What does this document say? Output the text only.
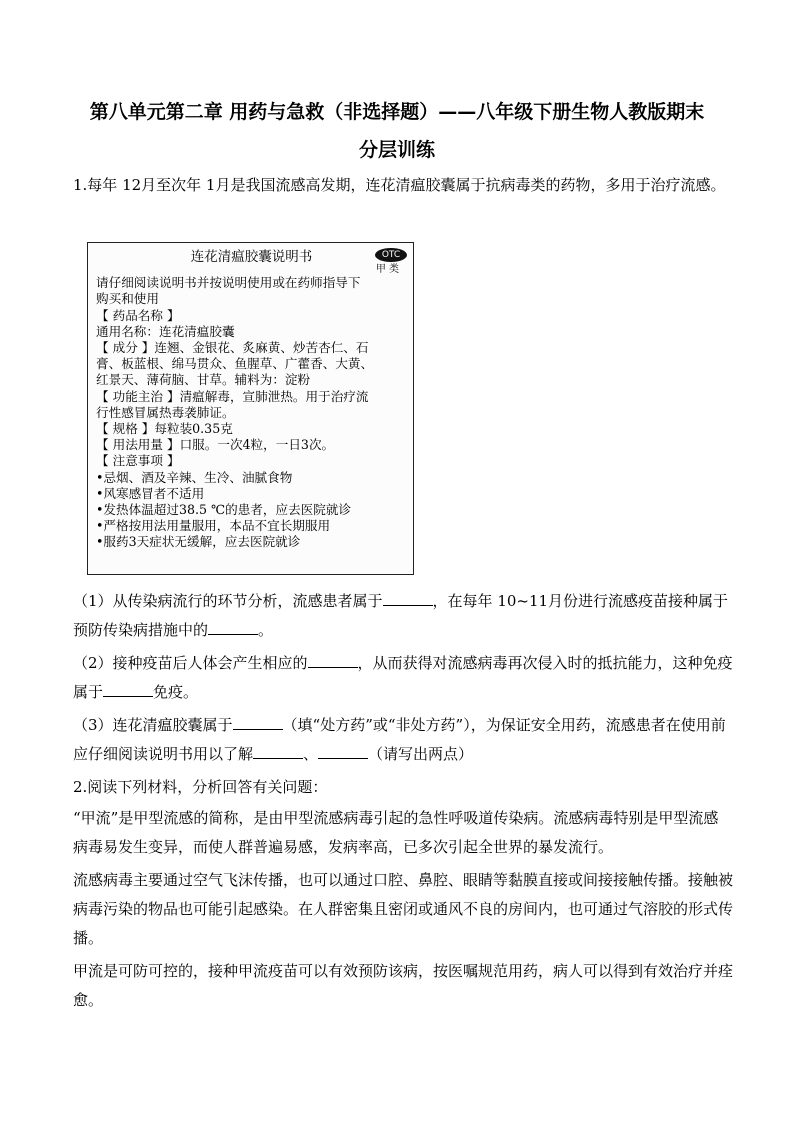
第八单元第二章 用药与急救（非选择题）——八年级下册生物人教版期末
分层训练

1.每年 12月至次年 1月是我国流感高发期，连花清瘟胶囊属于抗病毒类的药物，多用于治疗流感。

连花清瘟胶囊说明书	OTC
甲 类
请仔细阅读说明书并按说明使用或在药师指导下
购买和使用
【 药品名称 】
通用名称：连花清瘟胶囊
【 成分 】连翘、金银花、炙麻黄、炒苦杏仁、石
膏、板蓝根、绵马贯众、鱼腥草、广藿香、大黄、
红景天、薄荷脑、甘草。辅料为：淀粉
【 功能主治 】清瘟解毒，宣肺泄热。用于治疗流
行性感冒属热毒袭肺证。
【 规格 】每粒装0.35克
【 用法用量 】口服。一次4粒，一日3次。
【 注意事项 】
•忌烟、酒及辛辣、生冷、油腻食物
•风寒感冒者不适用
•发热体温超过38.5 ℃的患者，应去医院就诊
•严格按用法用量服用，本品不宜长期服用
•服药3天症状无缓解，应去医院就诊

（1）从传染病流行的环节分析，流感患者属于	，在每年 10~11月份进行流感疫苗接种属于预防传染病措施中的	。

（2）接种疫苗后人体会产生相应的	，从而获得对流感病毒再次侵入时的抵抗能力，这种免疫属于	免疫。

（3）连花清瘟胶囊属于	（填“处方药”或“非处方药”），为保证安全用药，流感患者在使用前应仔细阅读说明书用以了解	、	（请写出两点）

2.阅读下列材料，分析回答有关问题：

“甲流”是甲型流感的简称，是由甲型流感病毒引起的急性呼吸道传染病。流感病毒特别是甲型流感病毒易发生变异，而使人群普遍易感，发病率高，已多次引起全世界的暴发流行。

流感病毒主要通过空气飞沫传播，也可以通过口腔、鼻腔、眼睛等黏膜直接或间接接触传播。接触被病毒污染的物品也可能引起感染。在人群密集且密闭或通风不良的房间内，也可通过气溶胶的形式传播。

甲流是可防可控的，接种甲流疫苗可以有效预防该病，按医嘱规范用药，病人可以得到有效治疗并痊愈。
